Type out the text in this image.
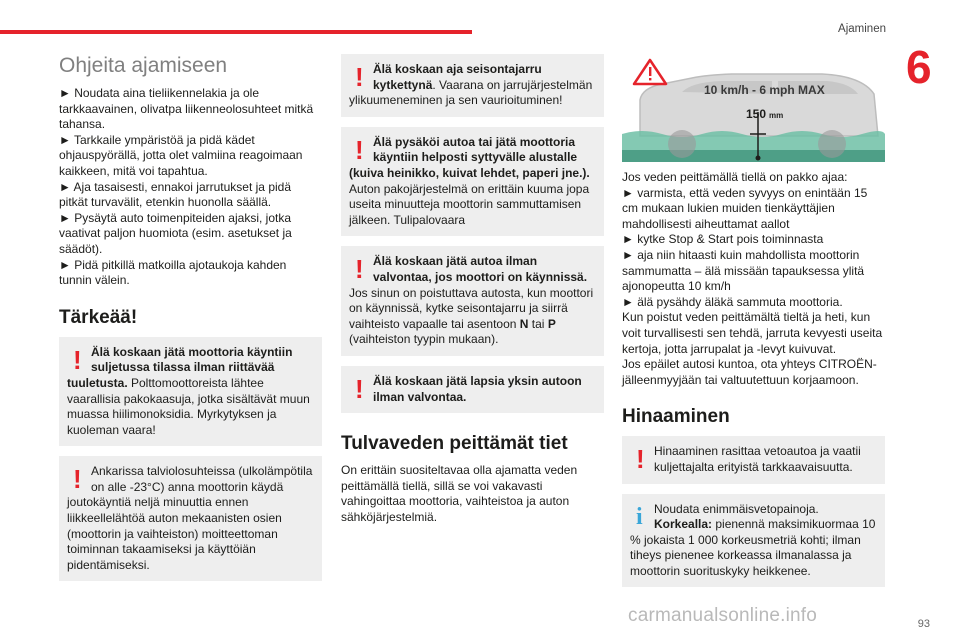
Ajaminen
6
Ohjeita ajamiseen

► Noudata aina tieliikennelakia ja ole tarkkaavainen, olivatpa liikenneolosuhteet mitkä tahansa.

► Tarkkaile ympäristöä ja pidä kädet ohjauspyörällä, jotta olet valmiina reagoimaan kaikkeen, mitä voi tapahtua.

► Aja tasaisesti, ennakoi jarrutukset ja pidä pitkät turvavälit, etenkin huonolla säällä.

► Pysäytä auto toimenpiteiden ajaksi, jotka vaativat paljon huomiota (esim. asetukset ja säädöt).

► Pidä pitkillä matkoilla ajotaukoja kahden tunnin välein.

Tärkeää!
! Älä koskaan jätä moottoria käyntiin suljetussa tilassa ilman riittävää tuuletusta. Polttomoottoreista lähtee vaarallisia pakokaasuja, jotka sisältävät muun muassa hiilimonoksidia. Myrkytyksen ja kuoleman vaara!
! Ankarissa talviolosuhteissa (ulkolämpötila on alle -23°C) anna moottorin käydä joutokäyntiä neljä minuuttia ennen liikkeellelähtöä auton mekaanisten osien (moottorin ja vaihteiston) moitteettoman toiminnan takaamiseksi ja käyttöiän pidentämiseksi.
! Älä koskaan aja seisontajarru kytkettynä. Vaarana on jarrujärjestelmän ylikuumeneminen ja sen vaurioituminen!
! Älä pysäköi autoa tai jätä moottoria käyntiin helposti syttyvälle alustalle (kuiva heinikko, kuivat lehdet, paperi jne.). Auton pakojärjestelmä on erittäin kuuma jopa useita minuutteja moottorin sammuttamisen jälkeen. Tulipalovaara
! Älä koskaan jätä autoa ilman valvontaa, jos moottori on käynnissä. Jos sinun on poistuttava autosta, kun moottori on käynnissä, kytke seisontajarru ja siirrä vaihteisto vapaalle tai asentoon N tai P (vaihteiston tyypin mukaan).
! Älä koskaan jätä lapsia yksin autoon ilman valvontaa.
Tulvaveden peittämät tiet

On erittäin suositeltavaa olla ajamatta veden peittämällä tiellä, sillä se voi vakavasti vahingoittaa moottoria, vaihteistoa ja auton sähköjärjestelmiä.

10 km/h - 6 mph MAX
150 mm

Jos veden peittämällä tiellä on pakko ajaa:

► varmista, että veden syvyys on enintään 15 cm mukaan lukien muiden tienkäyttäjien mahdollisesti aiheuttamat aallot

► kytke Stop & Start pois toiminnasta

► aja niin hitaasti kuin mahdollista moottorin sammumatta – älä missään tapauksessa ylitä ajonopeutta 10 km/h

► älä pysähdy äläkä sammuta moottoria.

Kun poistut veden peittämältä tieltä ja heti, kun voit turvallisesti sen tehdä, jarruta kevyesti useita kertoja, jotta jarrupalat ja -levyt kuivuvat.

Jos epäilet autosi kuntoa, ota yhteys CITROËN-jälleenmyyjään tai valtuutettuun korjaamoon.

Hinaaminen
! Hinaaminen rasittaa vetoautoa ja vaatii kuljettajalta erityistä tarkkaavaisuutta.
i Noudata enimmäisvetopainoja.
Korkealla: pienennä maksimikuormaa 10 % jokaista 1 000 korkeusmetriä kohti; ilman tiheys pienenee korkeassa ilmanalassa ja moottorin suorituskyky heikkenee.
carmanualsonline.info	93
